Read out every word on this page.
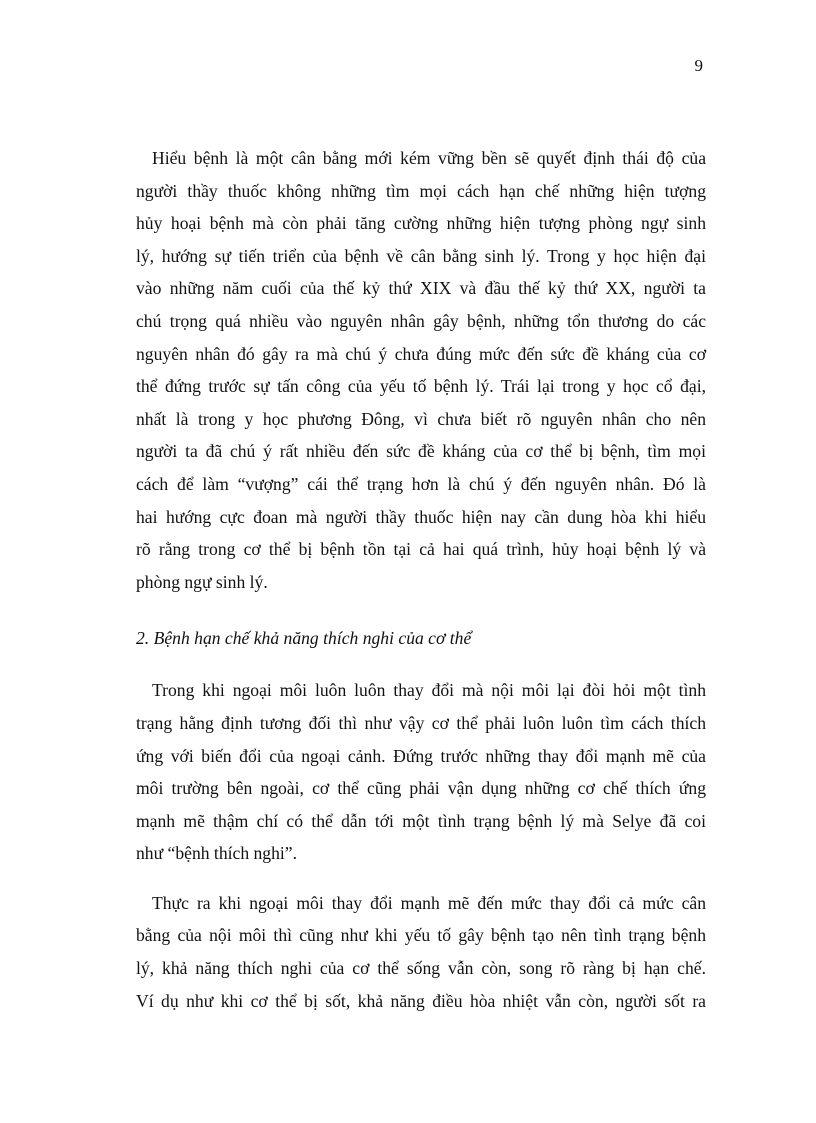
9
Hiểu bệnh là một cân bằng mới kém vững bền sẽ quyết định thái độ của
người thầy thuốc không những tìm mọi cách hạn chế những hiện tượng
hủy hoại bệnh mà còn phải tăng cường những hiện tượng phòng ngự sinh
lý, hướng sự tiến triển của bệnh về cân bằng sinh lý. Trong y học hiện đại
vào những năm cuối của thế kỷ thứ XIX và đầu thế kỷ thứ XX, người ta
chú trọng quá nhiều vào nguyên nhân gây bệnh, những tổn thương do các
nguyên nhân đó gây ra mà chú ý chưa đúng mức đến sức đề kháng của cơ
thể đứng trước sự tấn công của yếu tố bệnh lý. Trái lại trong y học cổ đại,
nhất là trong y học phương Đông, vì chưa biết rõ nguyên nhân cho nên
người ta đã chú ý rất nhiều đến sức đề kháng của cơ thể bị bệnh, tìm mọi
cách để làm “vượng” cái thể trạng hơn là chú ý đến nguyên nhân. Đó là
hai hướng cực đoan mà người thầy thuốc hiện nay cần dung hòa khi hiểu
rõ rằng trong cơ thể bị bệnh tồn tại cả hai quá trình, hủy hoại bệnh lý và
phòng ngự sinh lý.
2. Bệnh hạn chế khả năng thích nghi của cơ thể
Trong khi ngoại môi luôn luôn thay đổi mà nội môi lại đòi hỏi một tình
trạng hằng định tương đối thì như vậy cơ thể phải luôn luôn tìm cách thích
ứng với biến đổi của ngoại cảnh. Đứng trước những thay đổi mạnh mẽ của
môi trường bên ngoài, cơ thể cũng phải vận dụng những cơ chế thích ứng
mạnh mẽ thậm chí có thể dẫn tới một tình trạng bệnh lý mà Selye đã coi
như “bệnh thích nghi”.
Thực ra khi ngoại môi thay đổi mạnh mẽ đến mức thay đổi cả mức cân
bằng của nội môi thì cũng như khi yếu tố gây bệnh tạo nên tình trạng bệnh
lý, khả năng thích nghi của cơ thể sống vẫn còn, song rõ ràng bị hạn chế.
Ví dụ như khi cơ thể bị sốt, khả năng điều hòa nhiệt vẫn còn, người sốt ra
